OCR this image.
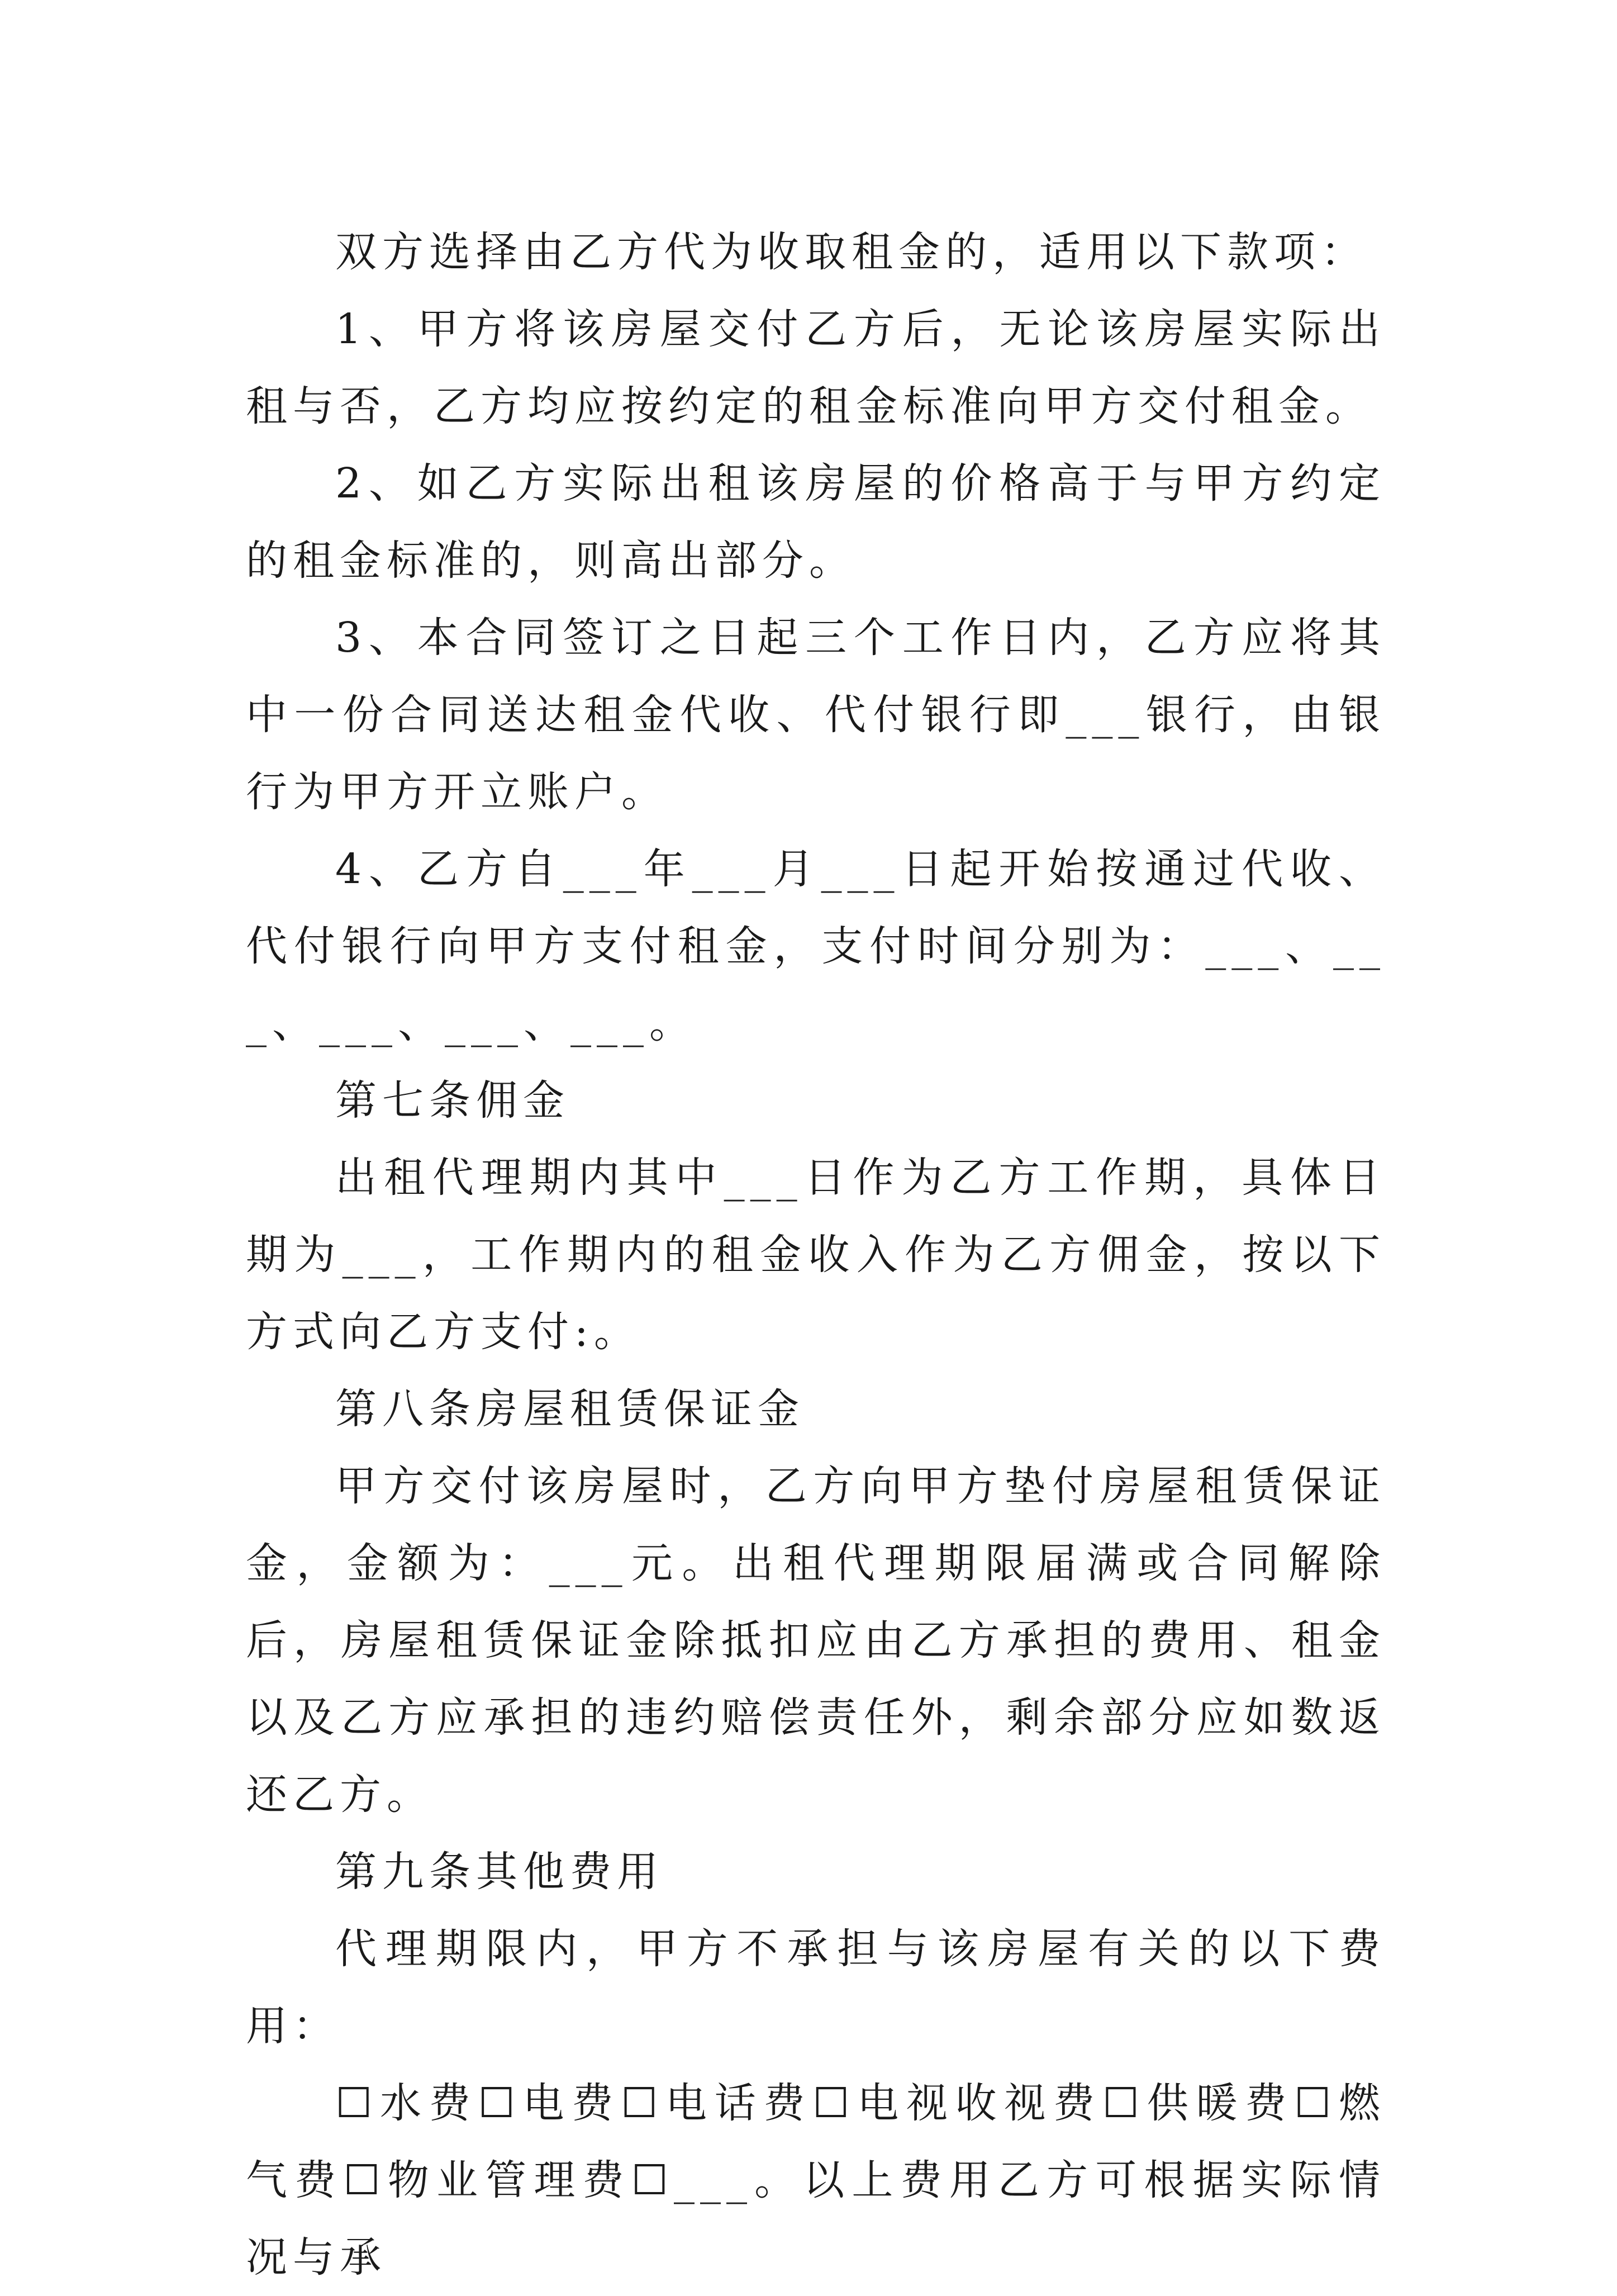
双方选择由乙方代为收取租金的，适用以下款项：

1、甲方将该房屋交付乙方后，无论该房屋实际出租与否，乙方均应按约定的租金标准向甲方交付租金。

2、如乙方实际出租该房屋的价格高于与甲方约定的租金标准的，则高出部分。

3、本合同签订之日起三个工作日内，乙方应将其中一份合同送达租金代收、代付银行即___银行，由银行为甲方开立账户。

4、乙方自___年___月___日起开始按通过代收、代付银行向甲方支付租金，支付时间分别为：___、___、___、___、___。

第七条佣金

出租代理期内其中___日作为乙方工作期，具体日期为___，工作期内的租金收入作为乙方佣金，按以下方式向乙方支付:。

第八条房屋租赁保证金

甲方交付该房屋时，乙方向甲方垫付房屋租赁保证金，金额为：___元。出租代理期限届满或合同解除后，房屋租赁保证金除抵扣应由乙方承担的费用、租金以及乙方应承担的违约赔偿责任外，剩余部分应如数返还乙方。

第九条其他费用

代理期限内，甲方不承担与该房屋有关的以下费用：

☐水费☐电费☐电话费☐电视收视费☐供暖费☐燃气费☐物业管理费☐___。以上费用乙方可根据实际情况与承
